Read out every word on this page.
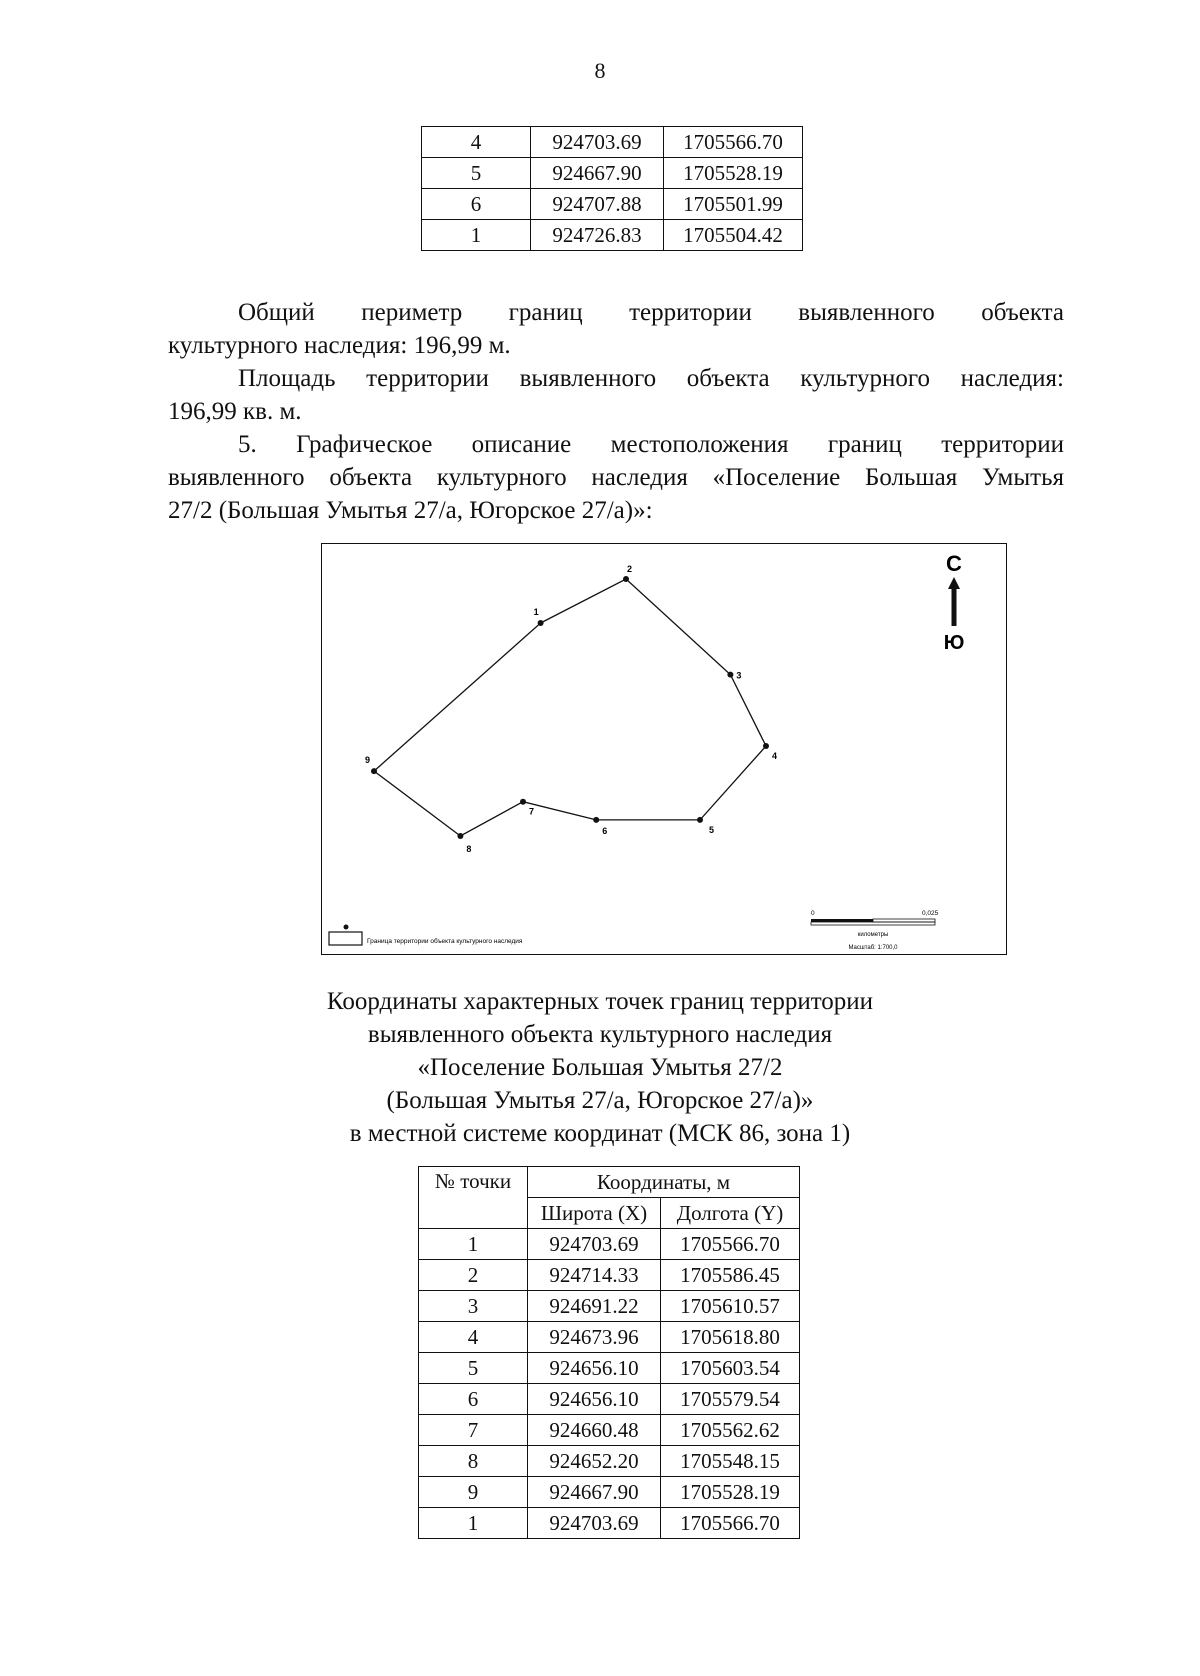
8
4	924703.69	1705566.70
5	924667.90	1705528.19
6	924707.88	1705501.99
1	924726.83	1705504.42

Общий периметр границ территории выявленного объекта

культурного наследия: 196,99 м.

Площадь территории выявленного объекта культурного наследия:

196,99 кв. м.

5. Графическое описание местоположения границ территории

выявленного объекта культурного наследия «Поселение Большая Умытья

27/2 (Большая Умытья 27/а, Югорское 27/а)»:

1
2
3
4
5
6
7
8
9
С
Ю
Граница территории объекта культурного наследия
0	0,025
километры
Масштаб: 1:700,0
Координаты характерных точек границ территории
выявленного объекта культурного наследия
«Поселение Большая Умытья 27/2
(Большая Умытья 27/а, Югорское 27/а)»
в местной системе координат (МСК 86, зона 1)
№ точки	Координаты, м	
	Широта (X)	Долгота (Y)
1	924703.69	1705566.70
2	924714.33	1705586.45
3	924691.22	1705610.57
4	924673.96	1705618.80
5	924656.10	1705603.54
6	924656.10	1705579.54
7	924660.48	1705562.62
8	924652.20	1705548.15
9	924667.90	1705528.19
1	924703.69	1705566.70
